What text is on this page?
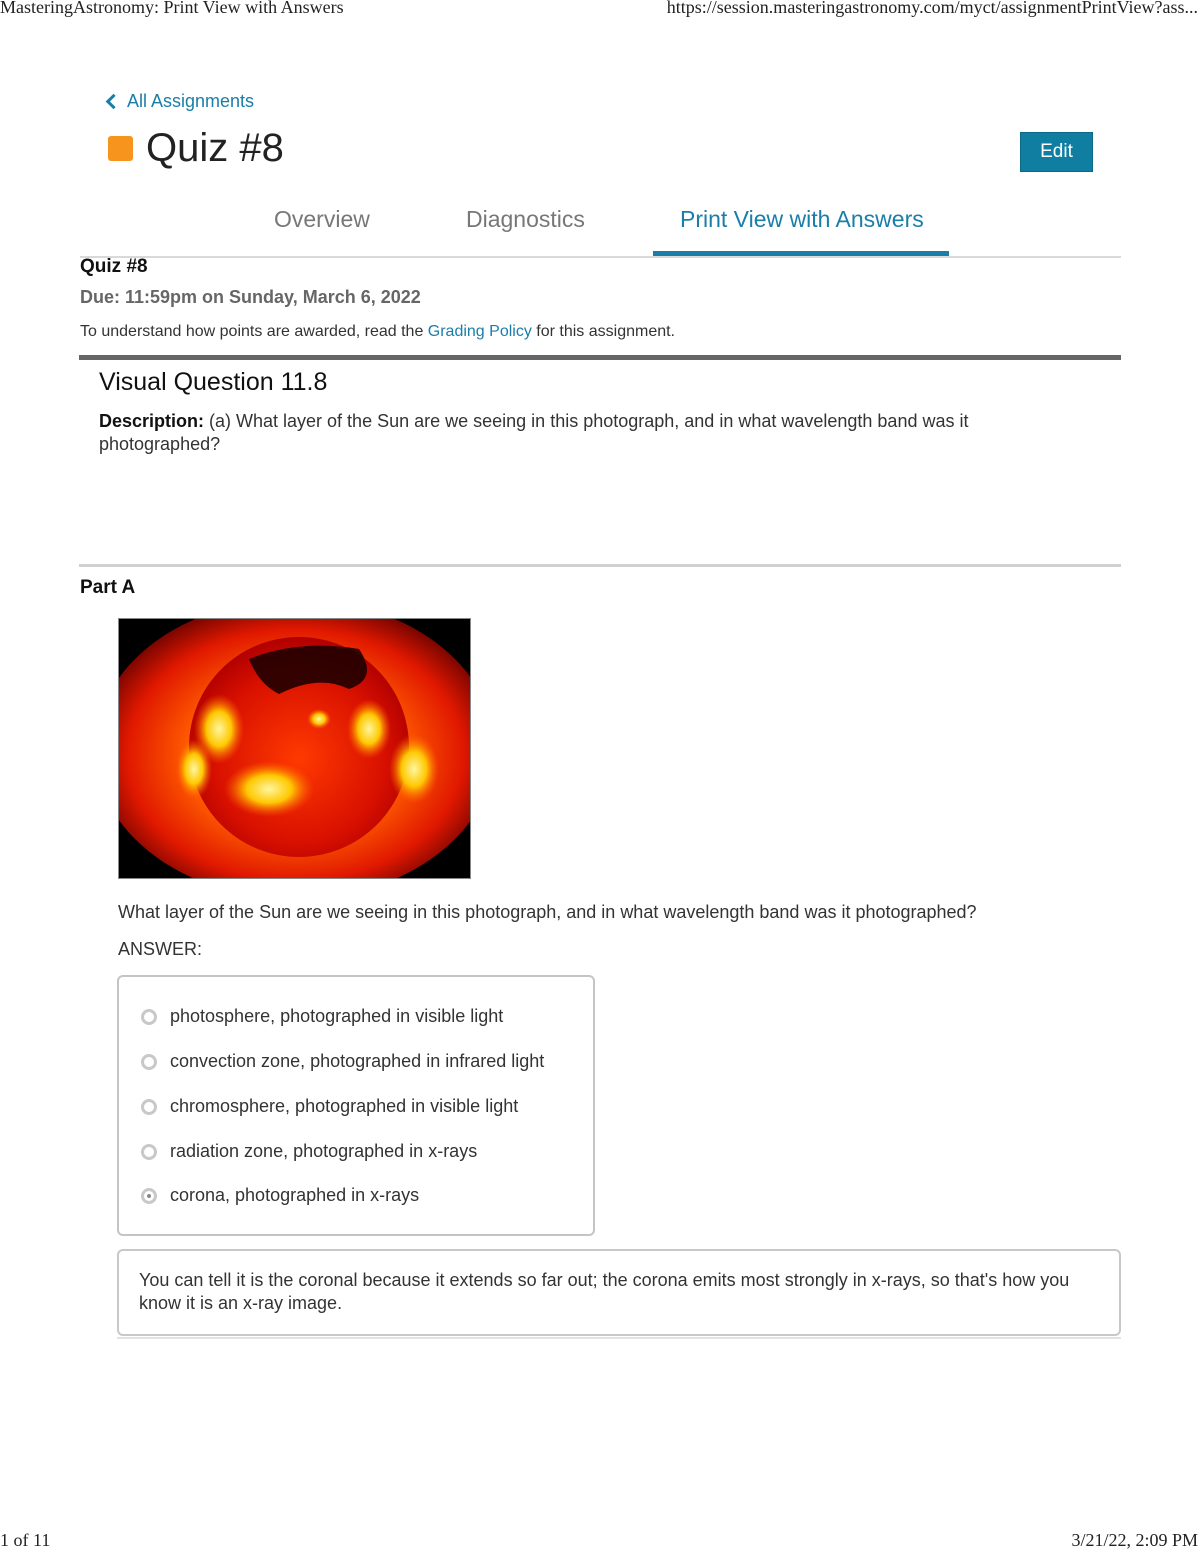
MasteringAstronomy: Print View with Answers	https://session.masteringastronomy.com/myct/assignmentPrintView?ass...
All Assignments
Quiz #8	Edit
Overview	Diagnostics	Print View with Answers
Quiz #8
Due: 11:59pm on Sunday, March 6, 2022
To understand how points are awarded, read the Grading Policy for this assignment.
Visual Question 11.8
Description: (a) What layer of the Sun are we seeing in this photograph, and in what wavelength band was it photographed?
Part A
What layer of the Sun are we seeing in this photograph, and in what wavelength band was it photographed?
ANSWER:
photosphere, photographed in visible light
convection zone, photographed in infrared light
chromosphere, photographed in visible light
radiation zone, photographed in x-rays
corona, photographed in x-rays
You can tell it is the coronal because it extends so far out; the corona emits most strongly in x-rays, so that's how you know it is an x-ray image.
1 of 11	3/21/22, 2:09 PM
